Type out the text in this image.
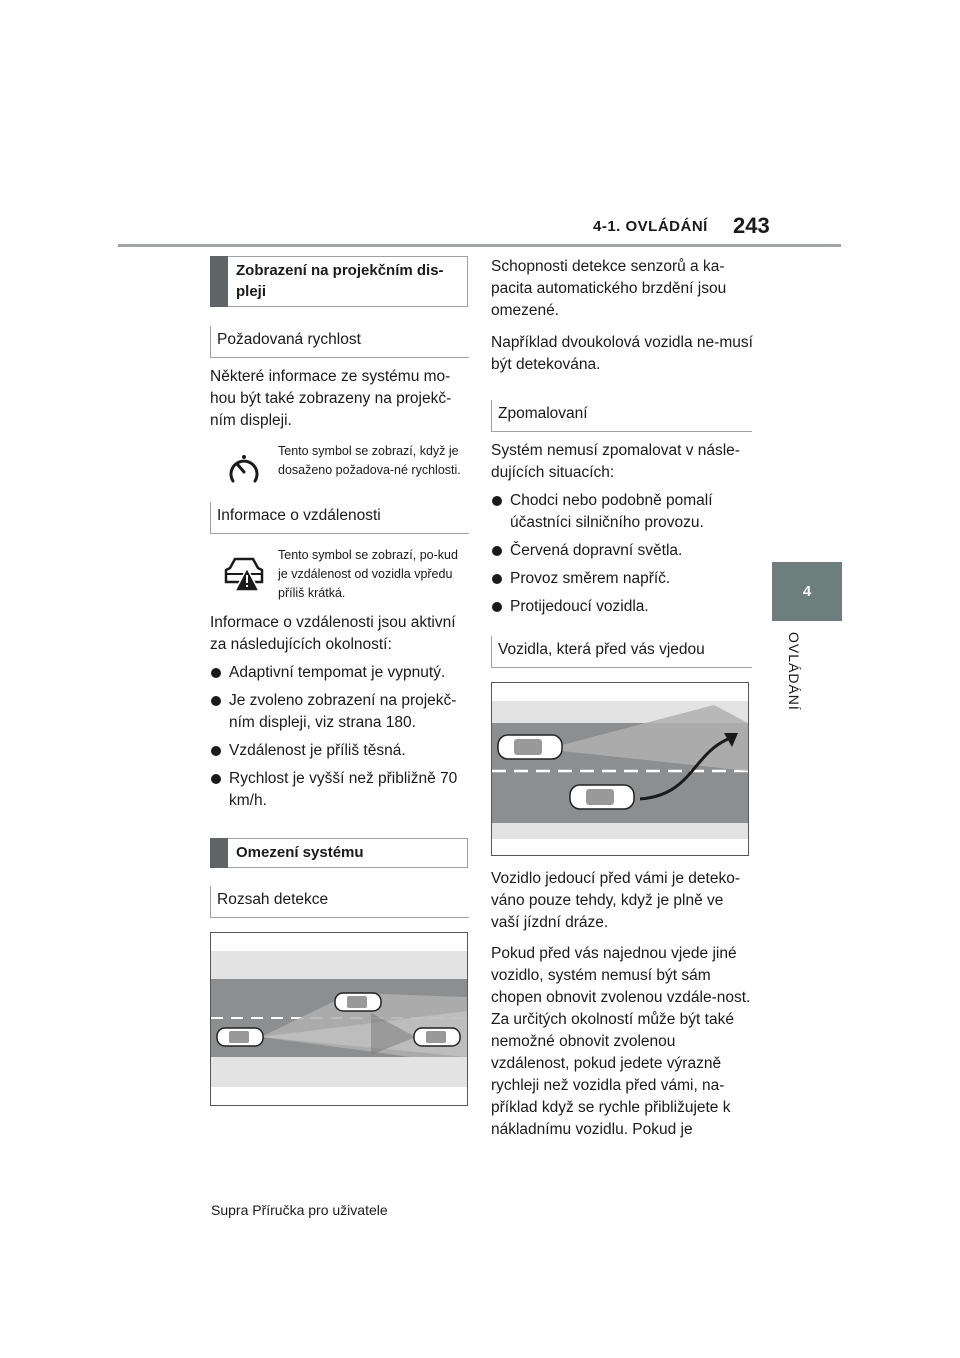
4-1. OVLÁDÁNÍ 243
4
OVLÁDÁNÍ
Zobrazení na projekčním dis-pleji
Požadovaná rychlost

Některé informace ze systému mo-hou být také zobrazeny na projekč-ním displeji.

Tento symbol se zobrazí, když je dosaženo požadova-né rychlosti.
Informace o vzdálenosti
Tento symbol se zobrazí, po-kud je vzdálenost od vozidla vpředu příliš krátká.

Informace o vzdálenosti jsou aktivní za následujících okolností:

Adaptivní tempomat je vypnutý.
Je zvoleno zobrazení na projekč-ním displeji, viz strana 180.
Vzdálenost je příliš těsná.
Rychlost je vyšší než přibližně 70 km/h.
Omezení systému
Rozsah detekce

Schopnosti detekce senzorů a ka-pacita automatického brzdění jsou omezené.

Například dvoukolová vozidla ne-musí být detekována.

Zpomalovaní

Systém nemusí zpomalovat v násle-dujících situacích:

Chodci nebo podobně pomalí účastníci silničního provozu.
Červená dopravní světla.
Provoz směrem napříč.
Protijedoucí vozidla.
Vozidla, která před vás vjedou

Vozidlo jedoucí před vámi je deteko-váno pouze tehdy, když je plně ve vaší jízdní dráze.

Pokud před vás najednou vjede jiné vozidlo, systém nemusí být sám chopen obnovit zvolenou vzdále-nost. Za určitých okolností může být také nemožné obnovit zvolenou vzdálenost, pokud jedete výrazně rychleji než vozidla před vámi, na-příklad když se rychle přibližujete k nákladnímu vozidlu. Pokud je

Supra Příručka pro uživatele
